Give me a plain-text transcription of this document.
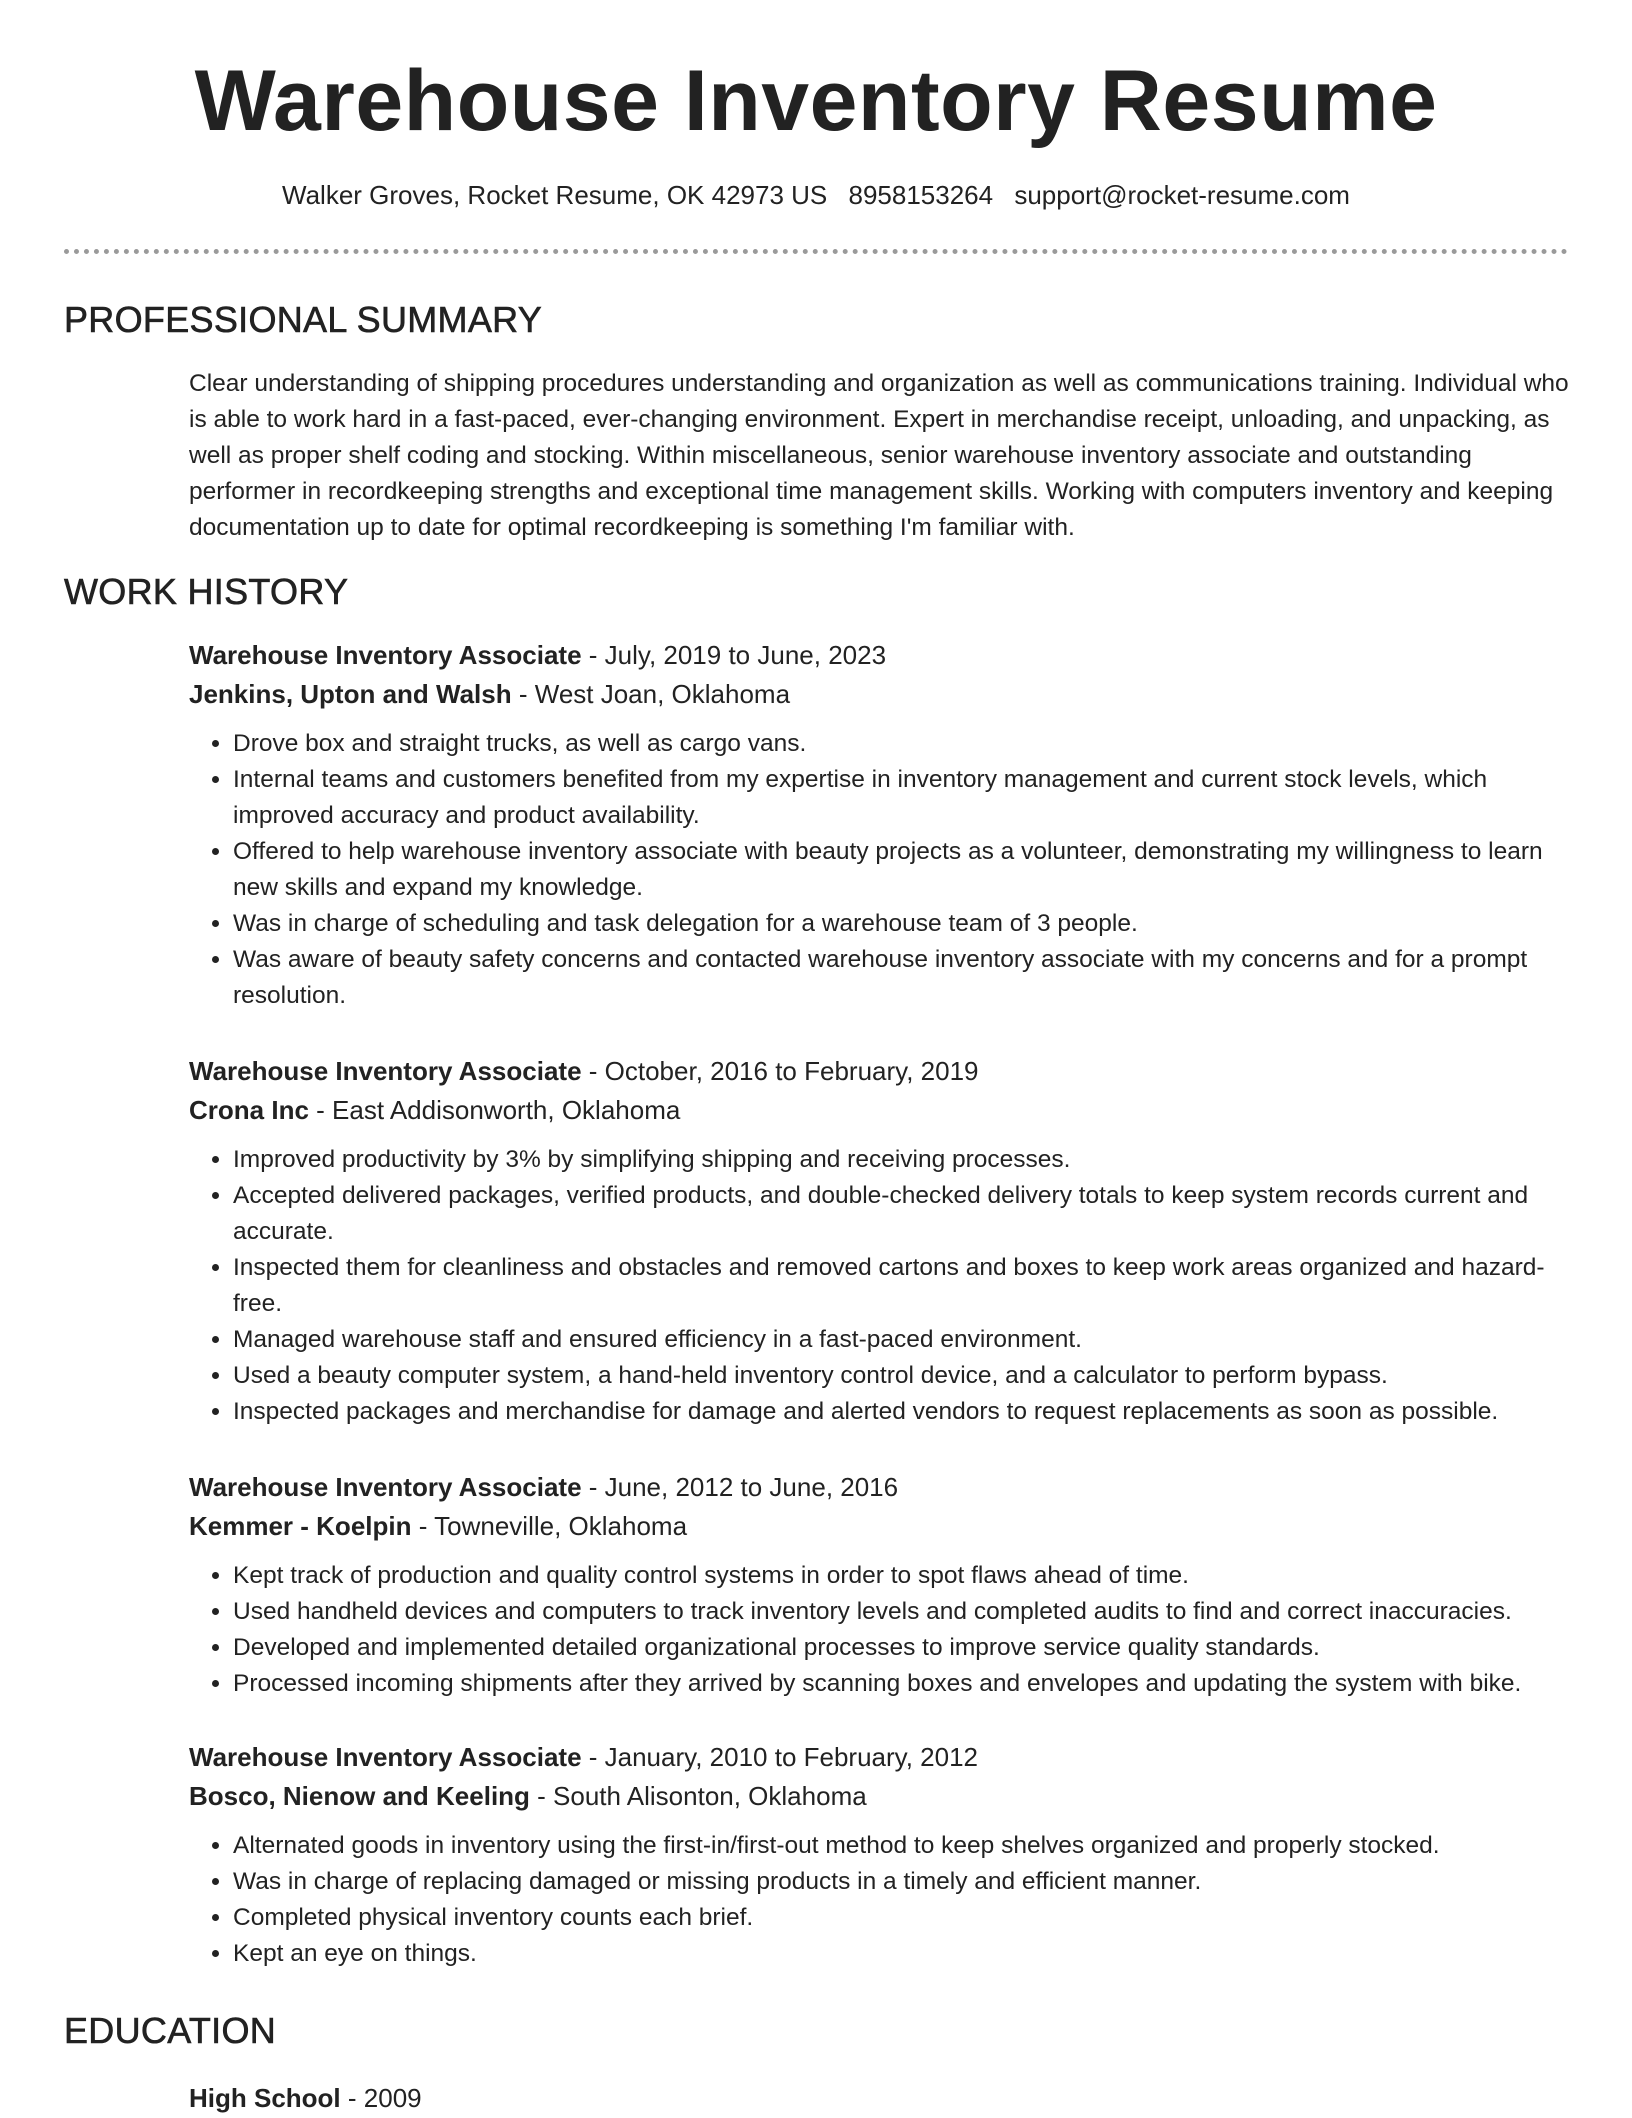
Warehouse Inventory Resume
Walker Groves, Rocket Resume, OK 42973 US 8958153264 support@rocket-resume.com
PROFESSIONAL SUMMARY
Clear understanding of shipping procedures understanding and organization as well as communications training. Individual who is able to work hard in a fast-paced, ever-changing environment. Expert in merchandise receipt, unloading, and unpacking, as well as proper shelf coding and stocking. Within miscellaneous, senior warehouse inventory associate and outstanding performer in recordkeeping strengths and exceptional time management skills. Working with computers inventory and keeping documentation up to date for optimal recordkeeping is something I'm familiar with.
WORK HISTORY
Warehouse Inventory Associate - July, 2019 to June, 2023
Jenkins, Upton and Walsh - West Joan, Oklahoma
• Drove box and straight trucks, as well as cargo vans.
• Internal teams and customers benefited from my expertise in inventory management and current stock levels, which improved accuracy and product availability.
• Offered to help warehouse inventory associate with beauty projects as a volunteer, demonstrating my willingness to learn new skills and expand my knowledge.
• Was in charge of scheduling and task delegation for a warehouse team of 3 people.
• Was aware of beauty safety concerns and contacted warehouse inventory associate with my concerns and for a prompt resolution.
Warehouse Inventory Associate - October, 2016 to February, 2019
Crona Inc - East Addisonworth, Oklahoma
• Improved productivity by 3% by simplifying shipping and receiving processes.
• Accepted delivered packages, verified products, and double-checked delivery totals to keep system records current and accurate.
• Inspected them for cleanliness and obstacles and removed cartons and boxes to keep work areas organized and hazard-free.
• Managed warehouse staff and ensured efficiency in a fast-paced environment.
• Used a beauty computer system, a hand-held inventory control device, and a calculator to perform bypass.
• Inspected packages and merchandise for damage and alerted vendors to request replacements as soon as possible.
Warehouse Inventory Associate - June, 2012 to June, 2016
Kemmer - Koelpin - Towneville, Oklahoma
• Kept track of production and quality control systems in order to spot flaws ahead of time.
• Used handheld devices and computers to track inventory levels and completed audits to find and correct inaccuracies.
• Developed and implemented detailed organizational processes to improve service quality standards.
• Processed incoming shipments after they arrived by scanning boxes and envelopes and updating the system with bike.
Warehouse Inventory Associate - January, 2010 to February, 2012
Bosco, Nienow and Keeling - South Alisonton, Oklahoma
• Alternated goods in inventory using the first-in/first-out method to keep shelves organized and properly stocked.
• Was in charge of replacing damaged or missing products in a timely and efficient manner.
• Completed physical inventory counts each brief.
• Kept an eye on things.
EDUCATION
High School - 2009
